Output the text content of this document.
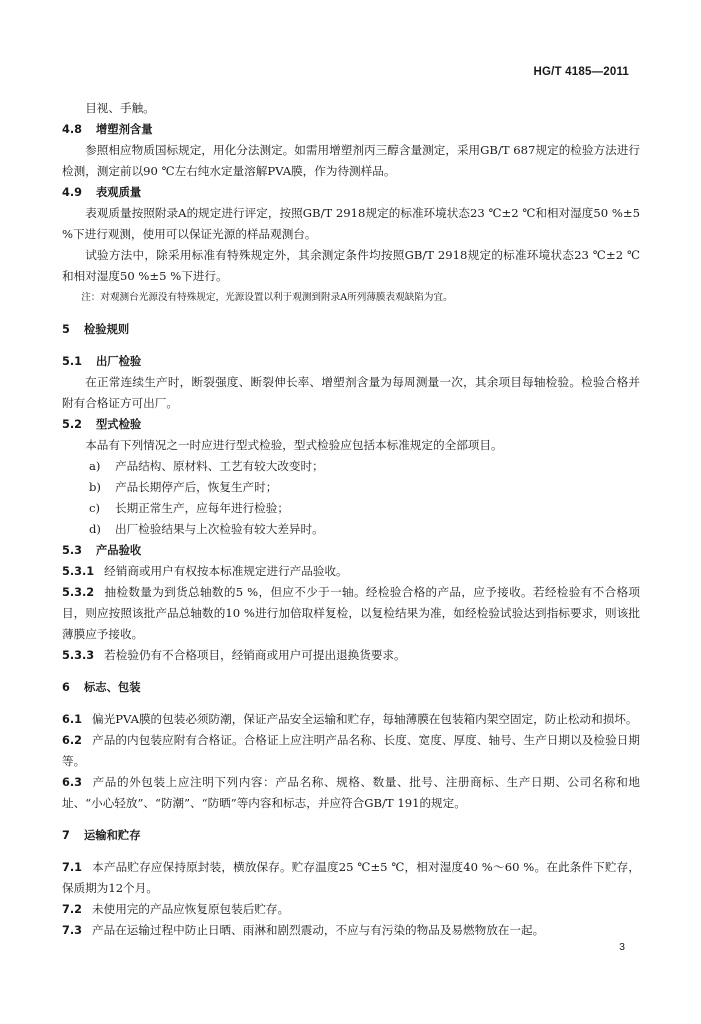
HG/T 4185—2011

目视、手触。

4.8 增塑剂含量

参照相应物质国标规定，用化分法测定。如需用增塑剂丙三醇含量测定，采用GB/T 687规定的检验方法进行检测，测定前以90 ℃左右纯水定量溶解PVA膜，作为待测样品。

4.9 表观质量

表观质量按照附录A的规定进行评定，按照GB/T 2918规定的标准环境状态23 ℃±2 ℃和相对湿度50 %±5 %下进行观测，使用可以保证光源的样品观测台。

试验方法中，除采用标准有特殊规定外，其余测定条件均按照GB/T 2918规定的标准环境状态23 ℃±2 ℃和相对湿度50 %±5 %下进行。

注：对观测台光源没有特殊规定，光源设置以利于观测到附录A所列薄膜表观缺陷为宜。

5 检验规则

5.1 出厂检验

在正常连续生产时，断裂强度、断裂伸长率、增塑剂含量为每周测量一次，其余项目每轴检验。检验合格并附有合格证方可出厂。

5.2 型式检验

本品有下列情况之一时应进行型式检验，型式检验应包括本标准规定的全部项目。

a) 产品结构、原材料、工艺有较大改变时；

b) 产品长期停产后，恢复生产时；

c) 长期正常生产，应每年进行检验；

d) 出厂检验结果与上次检验有较大差异时。

5.3 产品验收

5.3.1 经销商或用户有权按本标准规定进行产品验收。

5.3.2 抽检数量为到货总轴数的5 %，但应不少于一轴。经检验合格的产品，应予接收。若经检验有不合格项目，则应按照该批产品总轴数的10 %进行加倍取样复检，以复检结果为准，如经检验试验达到指标要求，则该批薄膜应予接收。

5.3.3 若检验仍有不合格项目，经销商或用户可提出退换货要求。

6 标志、包装

6.1 偏光PVA膜的包装必须防潮，保证产品安全运输和贮存，每轴薄膜在包装箱内架空固定，防止松动和损坏。

6.2 产品的内包装应附有合格证。合格证上应注明产品名称、长度、宽度、厚度、轴号、生产日期以及检验日期等。

6.3 产品的外包装上应注明下列内容：产品名称、规格、数量、批号、注册商标、生产日期、公司名称和地址、“小心轻放”、“防潮”、“防晒”等内容和标志，并应符合GB/T 191的规定。

7 运输和贮存

7.1 本产品贮存应保持原封装，横放保存。贮存温度25 ℃±5 ℃，相对湿度40 %～60 %。在此条件下贮存，保质期为12个月。

7.2 未使用完的产品应恢复原包装后贮存。

7.3 产品在运输过程中防止日晒、雨淋和剧烈震动，不应与有污染的物品及易燃物放在一起。

3
